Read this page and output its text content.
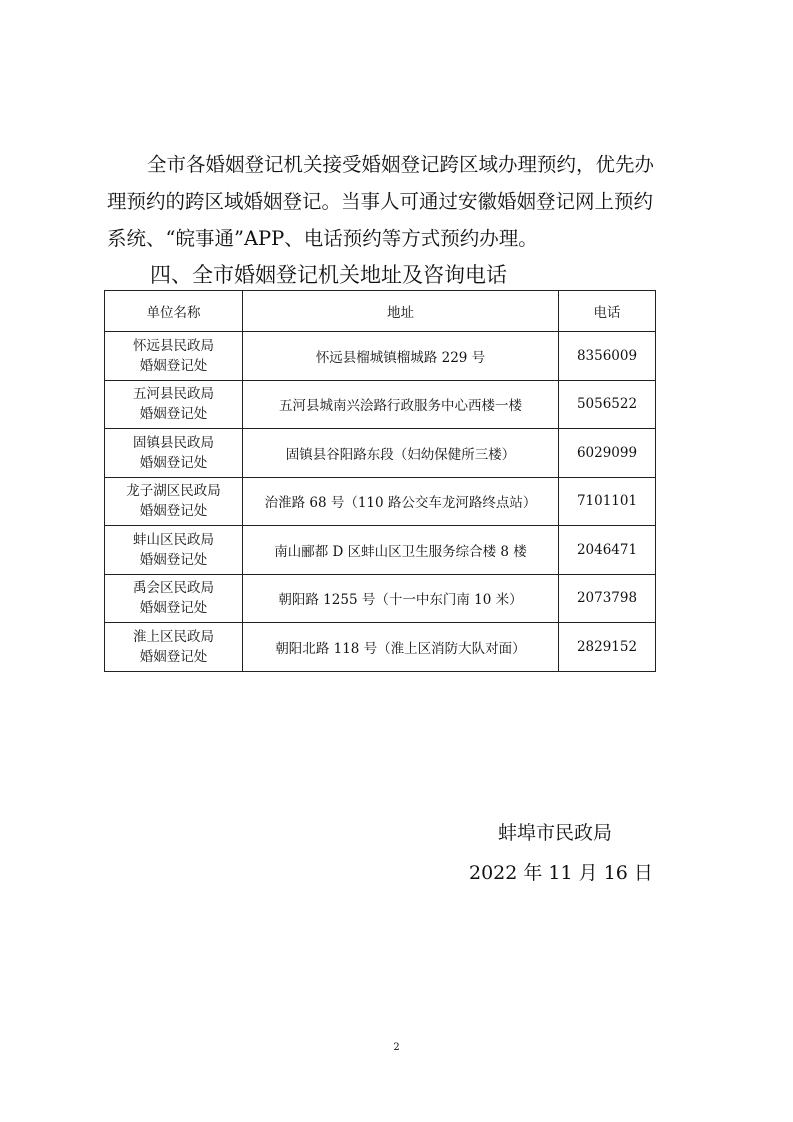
全市各婚姻登记机关接受婚姻登记跨区域办理预约，优先办
理预约的跨区域婚姻登记。当事人可通过安徽婚姻登记网上预约
系统、“皖事通”APP、电话预约等方式预约办理。
四、全市婚姻登记机关地址及咨询电话
单位名称	地址	电话

怀远县民政局
婚姻登记处	怀远县榴城镇榴城路 229 号	8356009

五河县民政局
婚姻登记处	五河县城南兴浍路行政服务中心西楼一楼	5056522

固镇县民政局
婚姻登记处	固镇县谷阳路东段（妇幼保健所三楼）	6029099

龙子湖区民政局
婚姻登记处	治淮路 68 号（110 路公交车龙河路终点站）	7101101

蚌山区民政局
婚姻登记处	南山郦都 D 区蚌山区卫生服务综合楼 8 楼	2046471

禹会区民政局
婚姻登记处	朝阳路 1255 号（十一中东门南 10 米）	2073798

淮上区民政局
婚姻登记处	朝阳北路 118 号（淮上区消防大队对面）	2829152
蚌埠市民政局
2022 年 11 月 16 日
2
